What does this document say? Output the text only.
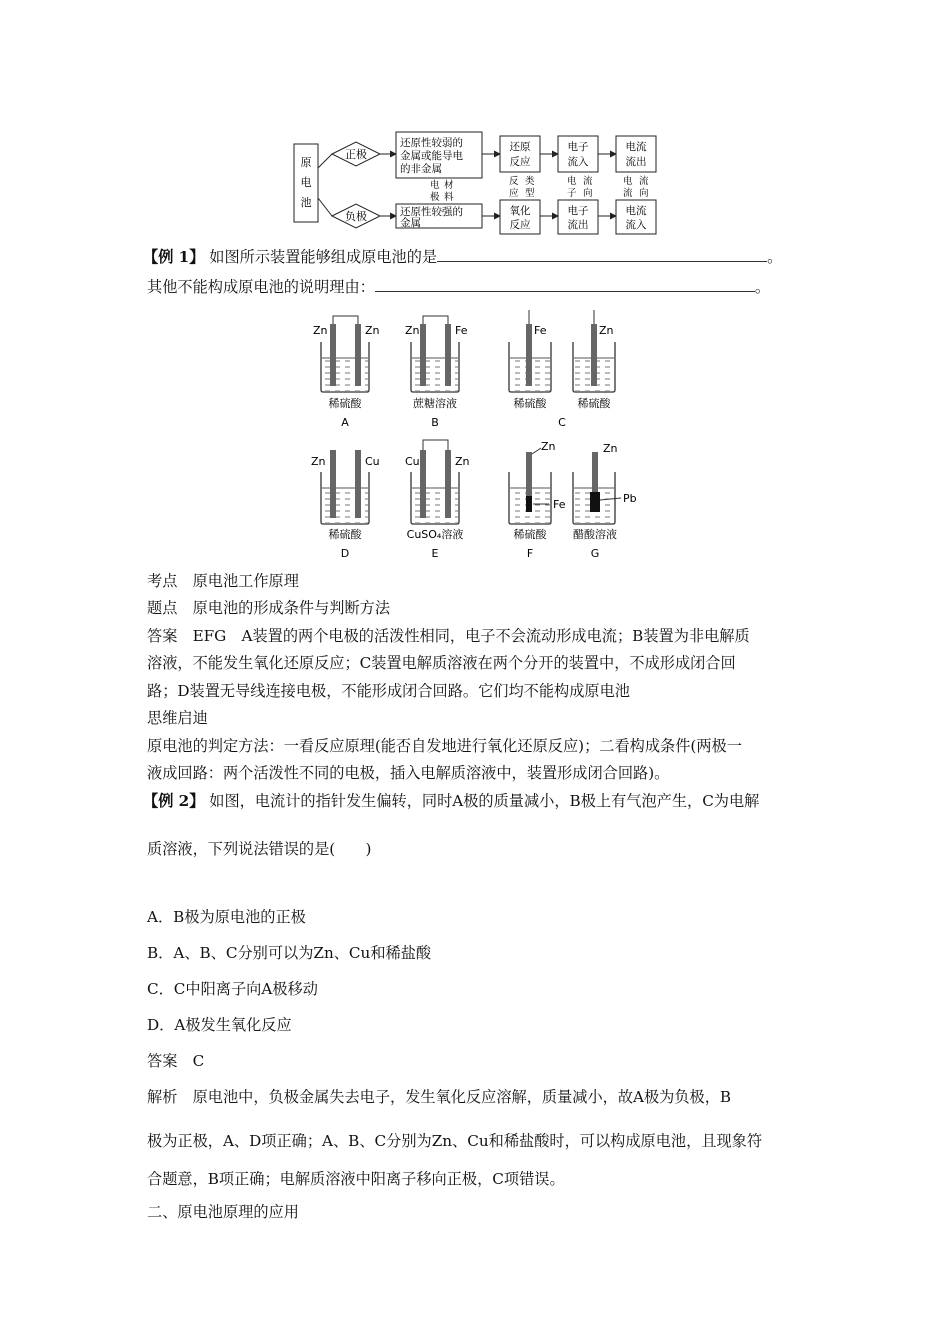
原
电
池
正极
负极
还原性较弱的
金属或能导电
的非金属
还原性较强的
电 材
极 料
还原
反应
氧化
反应
反 类
应 型
电子
流入
电子
流出
电 流
子 向
电流
流出
电流
流入
电 流
流 向
金属
【例 1】 如图所示装置能够组成原电池的是	。
其他不能构成原电池的说明理由：	。
Zn	Zn
稀硫酸
A
Zn	Fe
蔗糖溶液
B
Fe	Zn
稀硫酸	稀硫酸
C
Zn	Cu
稀硫酸
D
Cu	Zn
CuSO₄溶液
E
Zn
Fe
稀硫酸
F
Zn
Pb
醋酸溶液
G
考点　原电池工作原理
题点　原电池的形成条件与判断方法
答案　EFG　A装置的两个电极的活泼性相同，电子不会流动形成电流；B装置为非电解质
溶液，不能发生氧化还原反应；C装置电解质溶液在两个分开的装置中，不成形成闭合回
路；D装置无导线连接电极，不能形成闭合回路。它们均不能构成原电池
思维启迪
原电池的判定方法：一看反应原理(能否自发地进行氧化还原反应)；二看构成条件(两极一
液成回路：两个活泼性不同的电极，插入电解质溶液中，装置形成闭合回路)。
【例 2】 如图，电流计的指针发生偏转，同时A极的质量减小，B极上有气泡产生，C为电解
质溶液，下列说法错误的是(　　)
A．B极为原电池的正极
B．A、B、C分别可以为Zn、Cu和稀盐酸
C．C中阳离子向A极移动
D．A极发生氧化反应
答案　C
解析　原电池中，负极金属失去电子，发生氧化反应溶解，质量减小，故A极为负极，B
极为正极，A、D项正确；A、B、C分别为Zn、Cu和稀盐酸时，可以构成原电池，且现象符
合题意，B项正确；电解质溶液中阳离子移向正极，C项错误。
二、原电池原理的应用
